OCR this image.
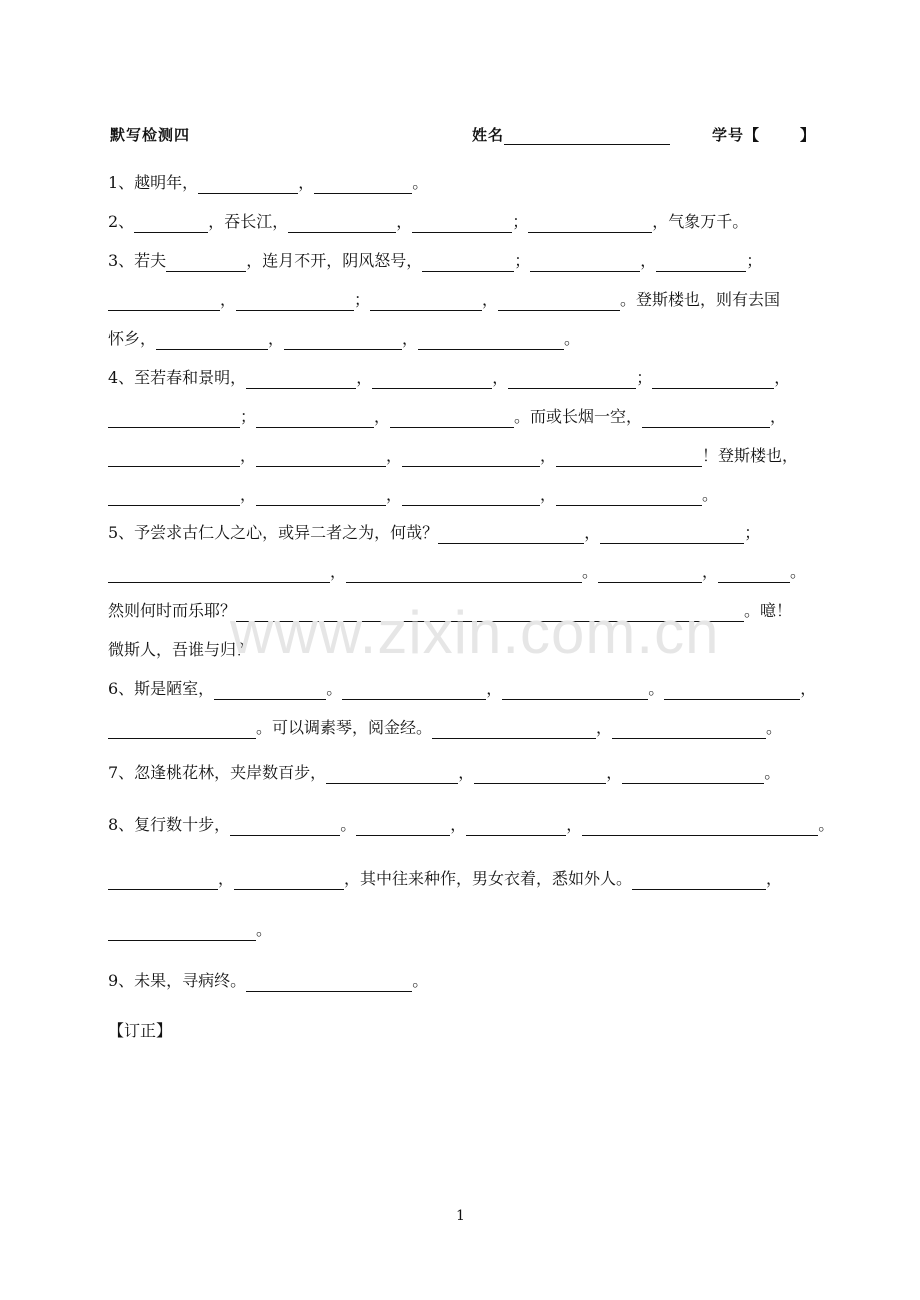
默写检测四	姓名	学号【	】
1、越明年，	，	。
2、	，吞长江，	，	；	，气象万千。
3、若夫	，连月不开，阴风怒号，	；	，	；
，	；	，	。登斯楼也，则有去国
怀乡，	，	，	。
4、至若春和景明，	，	，	；	，
；	，	。而或长烟一空，	，
，	，	，	！登斯楼也，
，	，	，	。
5、予尝求古仁人之心，或异二者之为，何哉？	，	；
，	。	，	。
然则何时而乐耶？	。噫！
微斯人，吾谁与归？
6、斯是陋室，	。	，	。	，
。可以调素琴，阅金经。	，	。
7、忽逢桃花林，夹岸数百步，	，	，	。
8、复行数十步，	。	，	，	。
，	，其中往来种作，男女衣着，悉如外人。	，
。
9、未果，寻病终。	。
【订正】
1
www.zixin.com.cn
